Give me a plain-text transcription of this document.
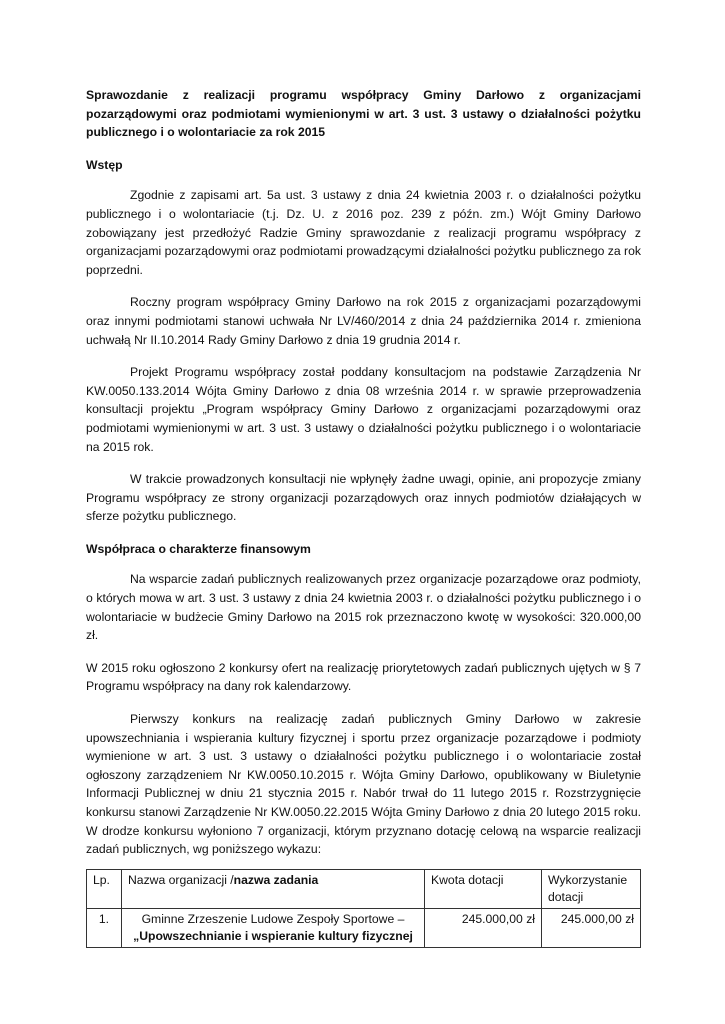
Sprawozdanie z realizacji programu współpracy Gminy Darłowo z organizacjami pozarządowymi oraz podmiotami wymienionymi w art. 3 ust. 3 ustawy o działalności pożytku publicznego i o wolontariacie za rok 2015

Wstęp

Zgodnie z zapisami art. 5a ust. 3 ustawy z dnia 24 kwietnia 2003 r. o działalności pożytku publicznego i o wolontariacie (t.j. Dz. U. z 2016 poz. 239 z późn. zm.) Wójt Gminy Darłowo zobowiązany jest przedłożyć Radzie Gminy sprawozdanie z realizacji programu współpracy z organizacjami pozarządowymi oraz podmiotami prowadzącymi działalności pożytku publicznego za rok poprzedni.

Roczny program współpracy Gminy Darłowo na rok 2015 z organizacjami pozarządowymi oraz innymi podmiotami stanowi uchwała Nr LV/460/2014 z dnia 24 października 2014 r. zmieniona uchwałą Nr II.10.2014 Rady Gminy Darłowo z dnia 19 grudnia 2014 r.

Projekt Programu współpracy został poddany konsultacjom na podstawie Zarządzenia Nr KW.0050.133.2014 Wójta Gminy Darłowo z dnia 08 września 2014 r. w sprawie przeprowadzenia konsultacji projektu „Program współpracy Gminy Darłowo z organizacjami pozarządowymi oraz podmiotami wymienionymi w art. 3 ust. 3 ustawy o działalności pożytku publicznego i o wolontariacie na 2015 rok.

W trakcie prowadzonych konsultacji nie wpłynęły żadne uwagi, opinie, ani propozycje zmiany Programu współpracy ze strony organizacji pozarządowych oraz innych podmiotów działających w sferze pożytku publicznego.

Współpraca o charakterze finansowym

Na wsparcie zadań publicznych realizowanych przez organizacje pozarządowe oraz podmioty, o których mowa w art. 3 ust. 3 ustawy z dnia 24 kwietnia 2003 r. o działalności pożytku publicznego i o wolontariacie w budżecie Gminy Darłowo na 2015 rok przeznaczono kwotę w wysokości: 320.000,00 zł.

W 2015 roku ogłoszono 2 konkursy ofert na realizację priorytetowych zadań publicznych ujętych w § 7 Programu współpracy na dany rok kalendarzowy.

Pierwszy konkurs na realizację zadań publicznych Gminy Darłowo w zakresie upowszechniania i wspierania kultury fizycznej i sportu przez organizacje pozarządowe i podmioty wymienione w art. 3 ust. 3 ustawy o działalności pożytku publicznego i o wolontariacie został ogłoszony zarządzeniem Nr KW.0050.10.2015 r. Wójta Gminy Darłowo, opublikowany w Biuletynie Informacji Publicznej w dniu 21 stycznia 2015 r. Nabór trwał do 11 lutego 2015 r. Rozstrzygnięcie konkursu stanowi Zarządzenie Nr KW.0050.22.2015 Wójta Gminy Darłowo z dnia 20 lutego 2015 roku. W drodze konkursu wyłoniono 7 organizacji, którym przyznano dotację celową na wsparcie realizacji zadań publicznych, wg poniższego wykazu:

Lp.	Nazwa organizacji /nazwa zadania	Kwota dotacji	Wykorzystanie dotacji
1.	Gminne Zrzeszenie Ludowe Zespoły Sportowe –
„Upowszechnianie i wspieranie kultury fizycznej	245.000,00 zł	245.000,00 zł
